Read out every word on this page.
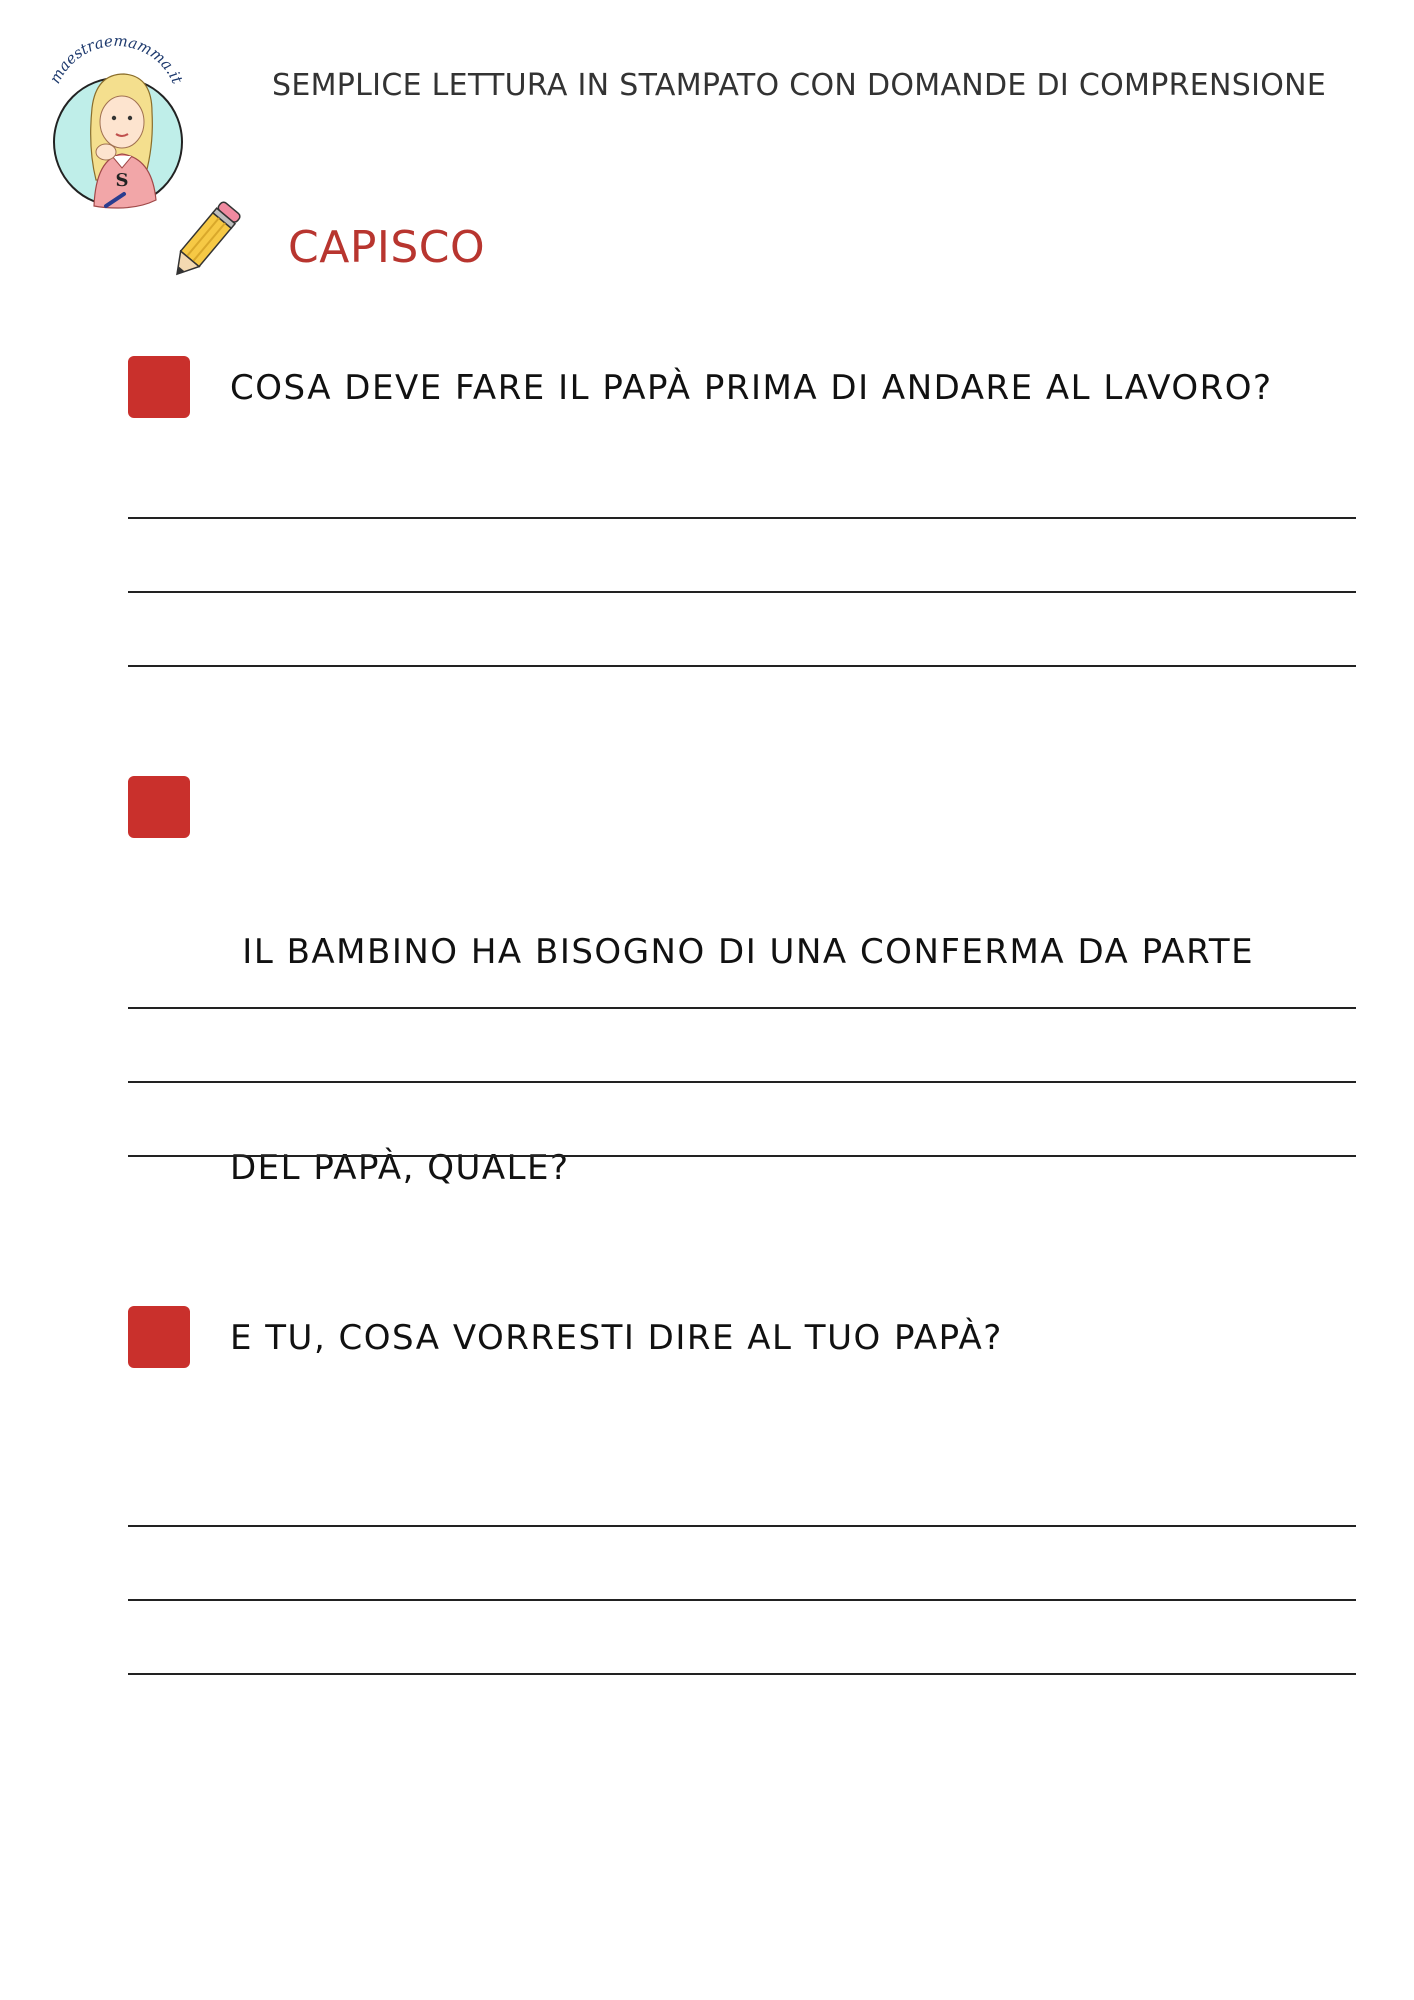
S
maestraemamma.it	SEMPLICE LETTURA IN STAMPATO CON DOMANDE DI COMPRENSIONE
CAPISCO
COSA DEVE FARE IL PAPÀ PRIMA DI ANDARE AL LAVORO?

IL BAMBINO HA BISOGNO DI UNA CONFERMA DA PARTE

DEL PAPÀ, QUALE?

E TU, COSA VORRESTI DIRE AL TUO PAPÀ?
